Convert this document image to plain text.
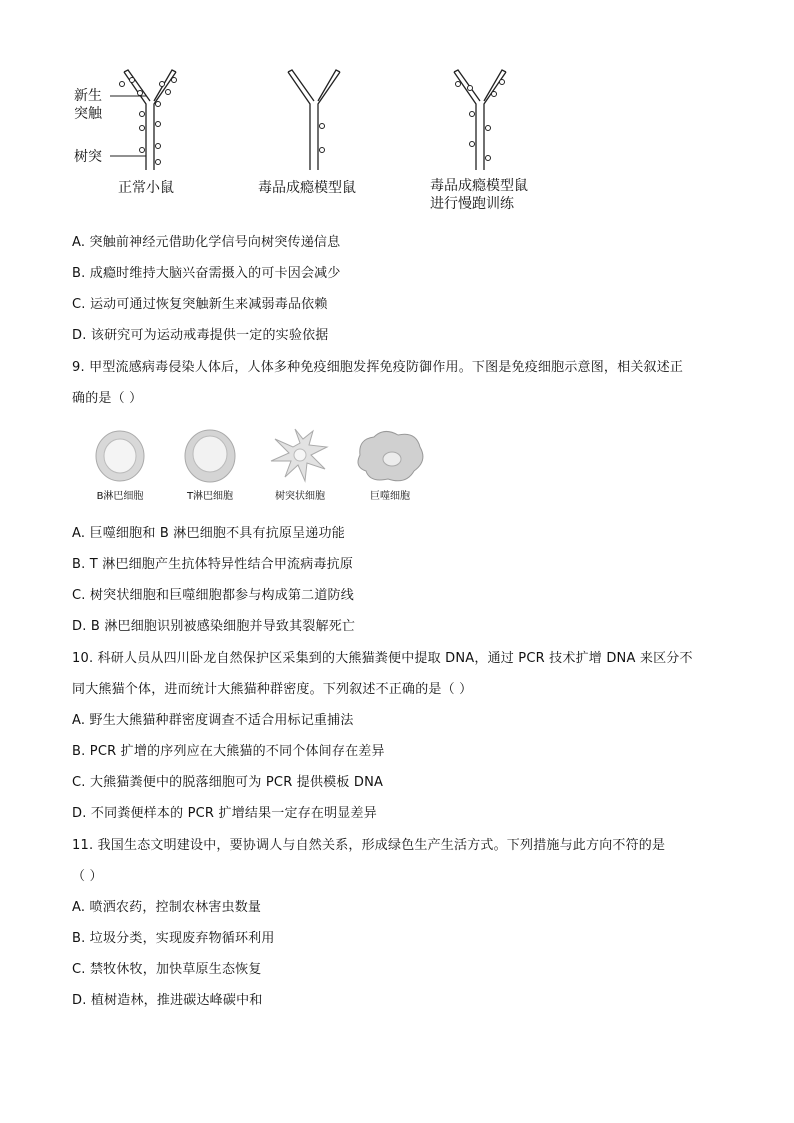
新生
突触
树突
正常小鼠	毒品成瘾模型鼠	毒品成瘾模型鼠
进行慢跑训练
A. 突触前神经元借助化学信号向树突传递信息
B. 成瘾时维持大脑兴奋需摄入的可卡因会减少
C. 运动可通过恢复突触新生来减弱毒品依赖
D. 该研究可为运动戒毒提供一定的实验依据
9. 甲型流感病毒侵染人体后，人体多种免疫细胞发挥免疫防御作用。下图是免疫细胞示意图，相关叙述正
确的是（ ）
B淋巴细胞	T淋巴细胞	树突状细胞	巨噬细胞
A. 巨噬细胞和 B 淋巴细胞不具有抗原呈递功能
B. T 淋巴细胞产生抗体特异性结合甲流病毒抗原
C. 树突状细胞和巨噬细胞都参与构成第二道防线
D. B 淋巴细胞识别被感染细胞并导致其裂解死亡
10. 科研人员从四川卧龙自然保护区采集到的大熊猫粪便中提取 DNA，通过 PCR 技术扩增 DNA 来区分不
同大熊猫个体，进而统计大熊猫种群密度。下列叙述不正确的是（ ）
A. 野生大熊猫种群密度调查不适合用标记重捕法
B. PCR 扩增的序列应在大熊猫的不同个体间存在差异
C. 大熊猫粪便中的脱落细胞可为 PCR 提供模板 DNA
D. 不同粪便样本的 PCR 扩增结果一定存在明显差异
11. 我国生态文明建设中，要协调人与自然关系，形成绿色生产生活方式。下列措施与此方向不符的是
（ ）
A. 喷洒农药，控制农林害虫数量
B. 垃圾分类，实现废弃物循环利用
C. 禁牧休牧，加快草原生态恢复
D. 植树造林，推进碳达峰碳中和
